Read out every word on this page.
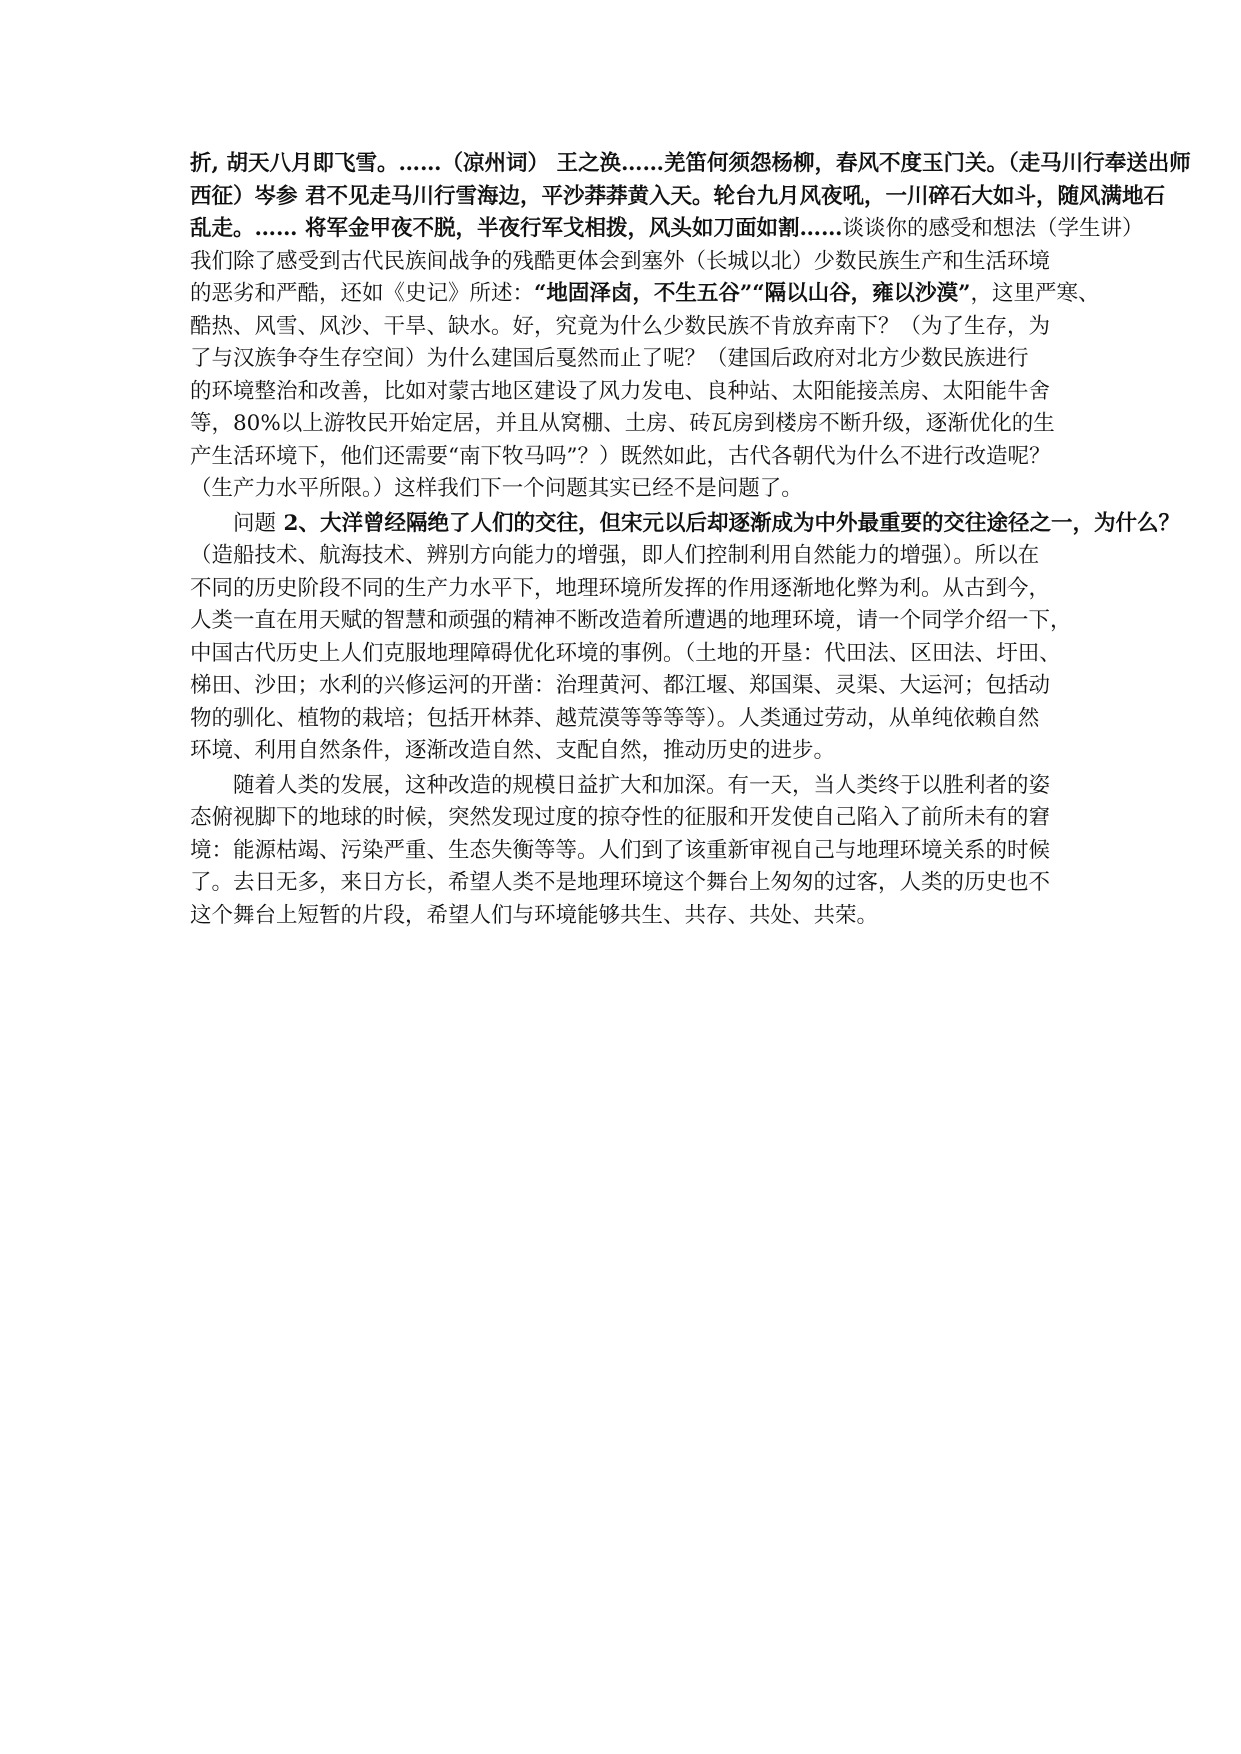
折, 胡天八月即飞雪。……（凉州词） 王之涣……羌笛何须怨杨柳，春风不度玉门关。（走马川行奉送出师
西征）岑参 君不见走马川行雪海边，平沙莽莽黄入天。轮台九月风夜吼，一川碎石大如斗，随风满地石
乱走。…… 将军金甲夜不脱，半夜行军戈相拨，风头如刀面如割……谈谈你的感受和想法（学生讲）
我们除了感受到古代民族间战争的残酷更体会到塞外（长城以北）少数民族生产和生活环境
的恶劣和严酷，还如《史记》所述：“地固泽卤，不生五谷”“隔以山谷，雍以沙漠”，这里严寒、
酷热、风雪、风沙、干旱、缺水。好，究竟为什么少数民族不肯放弃南下？（为了生存，为
了与汉族争夺生存空间）为什么建国后戛然而止了呢？（建国后政府对北方少数民族进行
的环境整治和改善，比如对蒙古地区建设了风力发电、良种站、太阳能接羔房、太阳能牛舍
等，80%以上游牧民开始定居，并且从窝棚、土房、砖瓦房到楼房不断升级，逐渐优化的生
产生活环境下，他们还需要“南下牧马吗”？）既然如此，古代各朝代为什么不进行改造呢？
（生产力水平所限。）这样我们下一个问题其实已经不是问题了。
问题 2、大洋曾经隔绝了人们的交往，但宋元以后却逐渐成为中外最重要的交往途径之一，为什么？
（造船技术、航海技术、辨别方向能力的增强，即人们控制利用自然能力的增强）。所以在
不同的历史阶段不同的生产力水平下，地理环境所发挥的作用逐渐地化弊为利。从古到今，
人类一直在用天赋的智慧和顽强的精神不断改造着所遭遇的地理环境，请一个同学介绍一下，
中国古代历史上人们克服地理障碍优化环境的事例。（土地的开垦：代田法、区田法、圩田、
梯田、沙田；水利的兴修运河的开凿：治理黄河、都江堰、郑国渠、灵渠、大运河；包括动
物的驯化、植物的栽培；包括开林莽、越荒漠等等等等）。人类通过劳动，从单纯依赖自然
环境、利用自然条件，逐渐改造自然、支配自然，推动历史的进步。
随着人类的发展，这种改造的规模日益扩大和加深。有一天，当人类终于以胜利者的姿
态俯视脚下的地球的时候，突然发现过度的掠夺性的征服和开发使自己陷入了前所未有的窘
境：能源枯竭、污染严重、生态失衡等等。人们到了该重新审视自己与地理环境关系的时候
了。去日无多，来日方长，希望人类不是地理环境这个舞台上匆匆的过客，人类的历史也不
这个舞台上短暂的片段，希望人们与环境能够共生、共存、共处、共荣。
